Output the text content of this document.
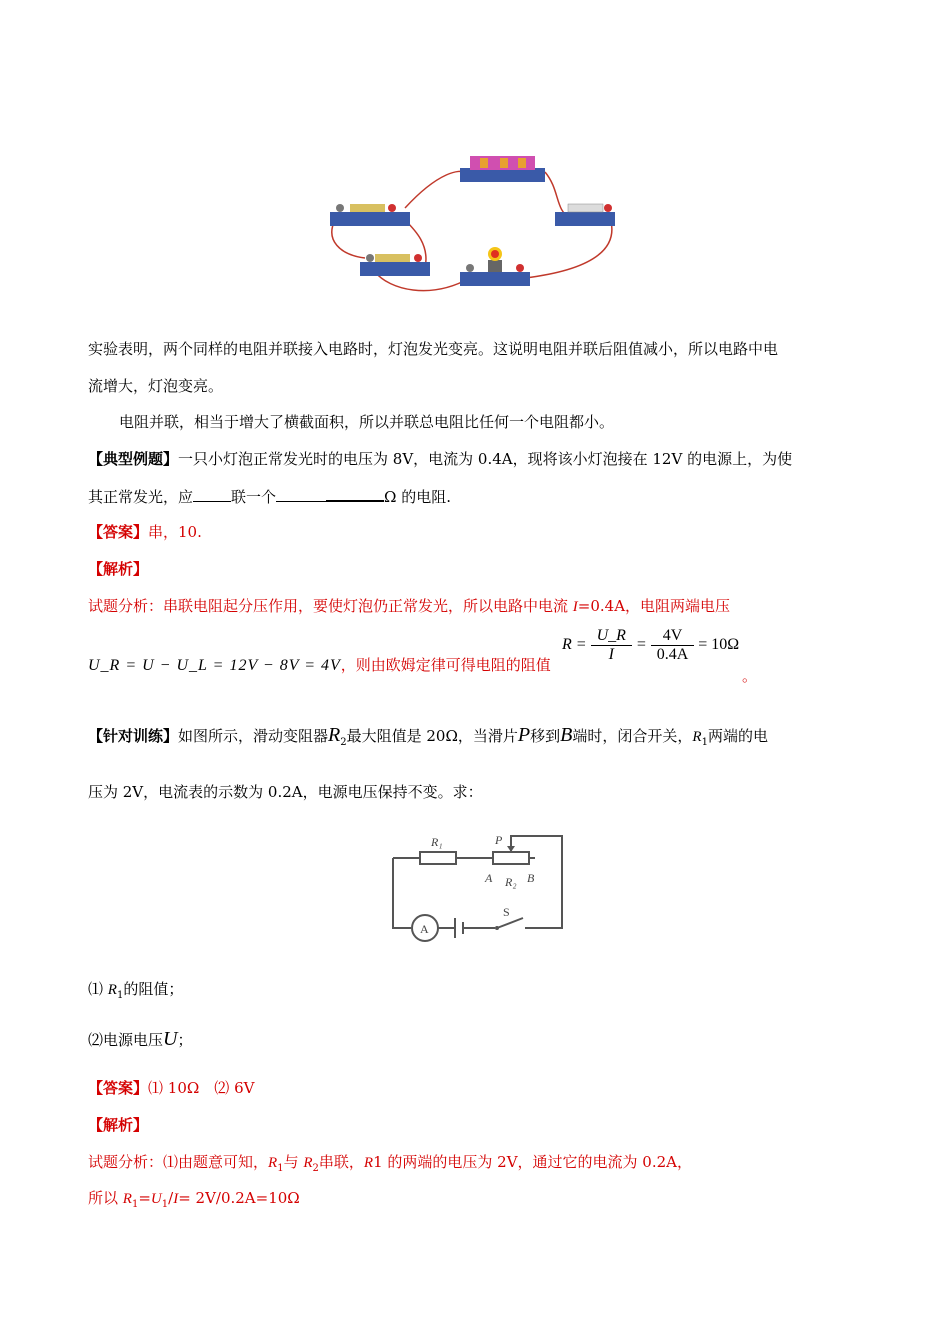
实验表明，两个同样的电阻并联接入电路时，灯泡发光变亮。这说明电阻并联后阻值减小，所以电路中电
流增大，灯泡变亮。
电阻并联，相当于增大了横截面积，所以并联总电阻比任何一个电阻都小。
【典型例题】一只小灯泡正常发光时的电压为 8V，电流为 0.4A，现将该小灯泡接在 12V 的电源上，为使
其正常发光，应	联一个	Ω 的电阻.
【答案】串，10.
【解析】
试题分析：串联电阻起分压作用，要使灯泡仍正常发光，所以电路中电流 I=0.4A，电阻两端电压
U_R = U − U_L = 12V − 8V = 4V，则由欧姆定律可得电阻的阻值
$R = \frac{U\_R}{I} = \frac{4V}{0.4A} = 10\Omega$
。
【针对训练】如图所示，滑动变阻器$R_2$最大阻值是 20Ω，当滑片P移到B端时，闭合开关，$R_1$两端的电
压为 2V，电流表的示数为 0.2A，电源电压保持不变。求：
R₁	P
A R₂ B
S
A
⑴ $R_1$的阻值；
⑵电源电压U；
【答案】⑴ 10Ω　⑵ 6V
【解析】
试题分析：⑴由题意可知，$R_1$与 $R_2$串联，R1 的两端的电压为 2V，通过它的电流为 0.2A，
所以 $R_1=U_1/I= 2V/0.2A=10\Omega$
